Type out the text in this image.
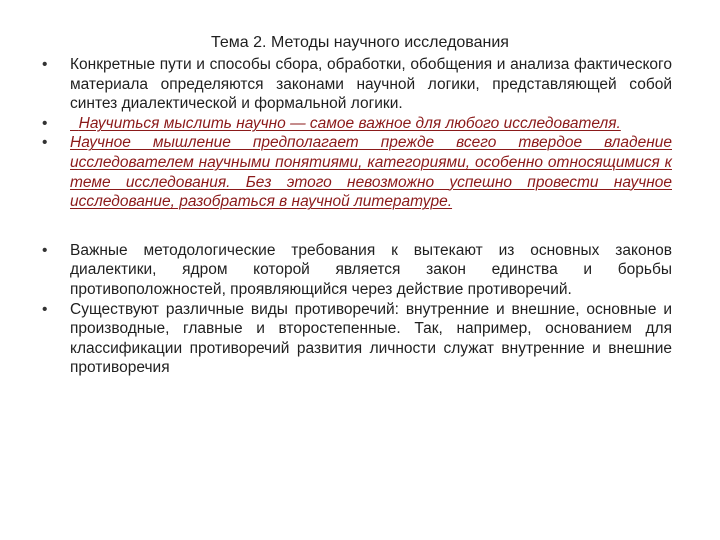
Тема 2. Методы научного исследования
•	Конкретные пути и способы сбора, обработки, обобщения и анализа фактического материала определяются законами научной логики, представляющей собой синтез диалектической и формальной логики.
•	Научиться мыслить научно — самое важное для любого исследователя.
•	Научное мышление предполагает прежде всего твердое владение исследователем научными понятиями, категориями, особенно относящимися к теме исследования. Без этого невозможно успешно провести научное исследование, разобраться в научной литературе.
•	Важные методологические требования к вытекают из основных законов диалектики, ядром которой является закон единства и борьбы противоположностей, проявляющийся через действие противоречий.
•	Существуют различные виды противоречий: внутренние и внешние, основные и производные, главные и второстепенные. Так, например, основанием для классификации противоречий развития личности служат внутренние и внешние противоречия
